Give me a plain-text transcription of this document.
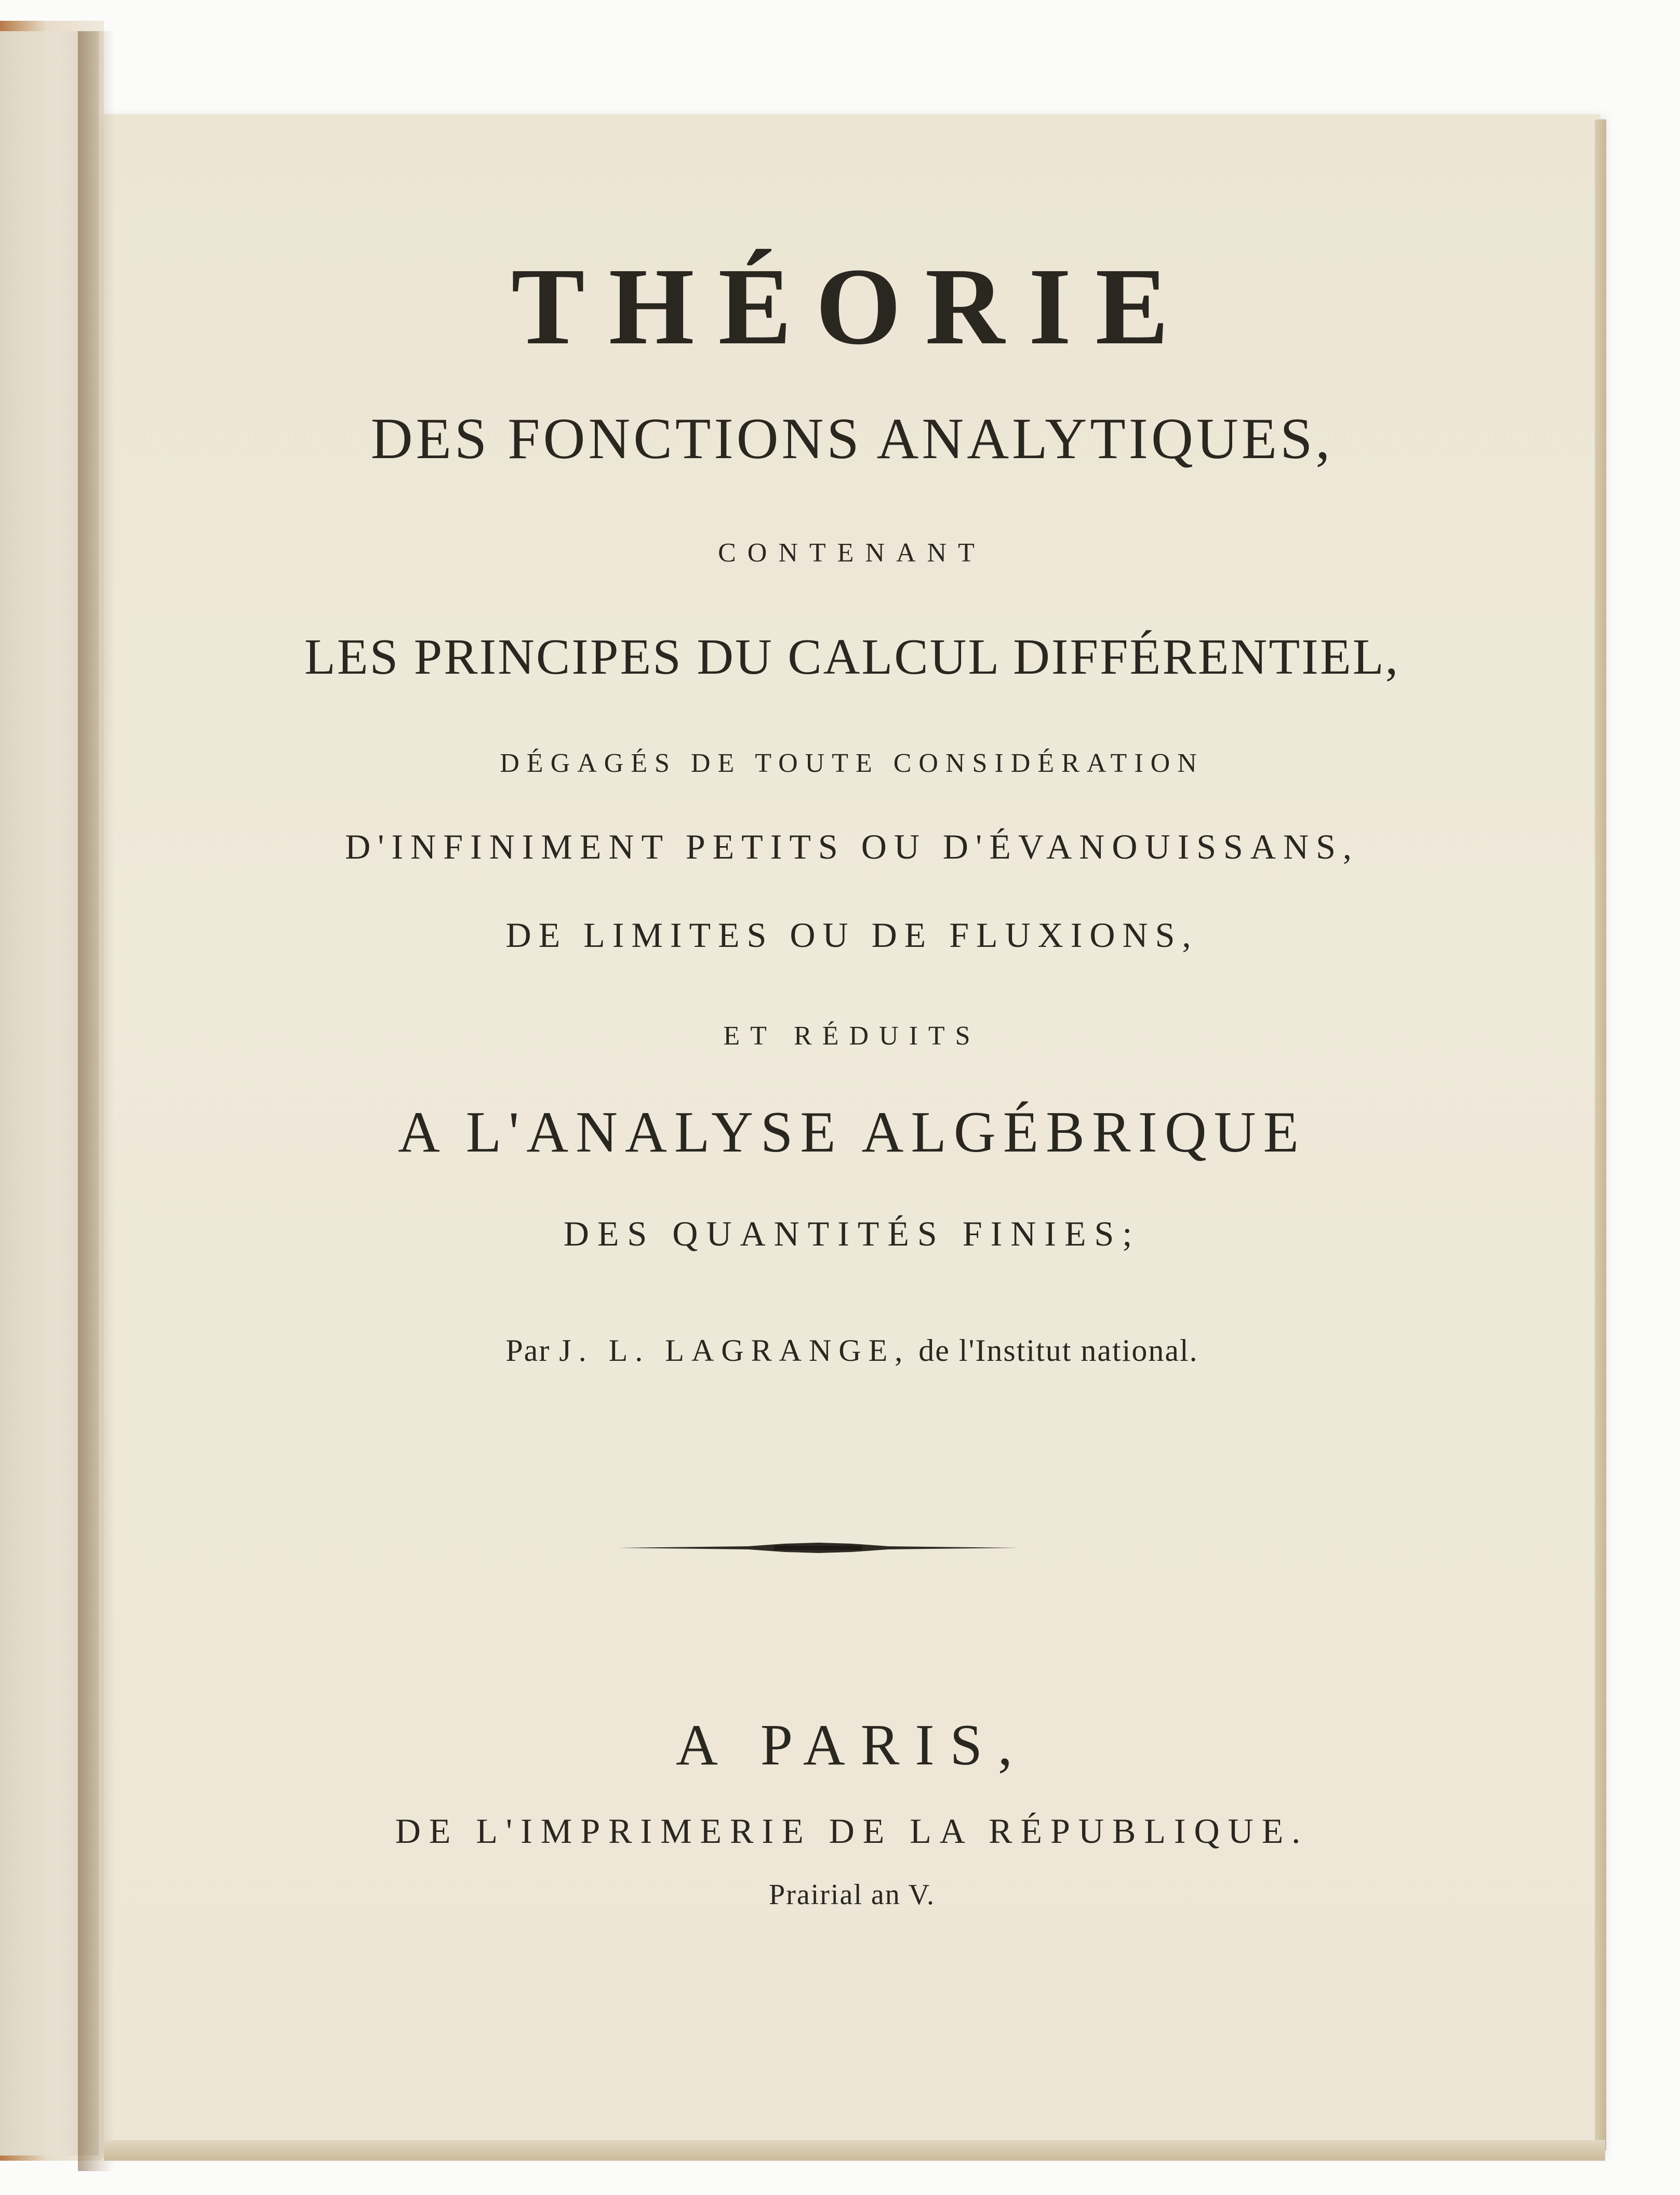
THÉORIE

DES FONCTIONS ANALYTIQUES,

CONTENANT

LES PRINCIPES DU CALCUL DIFFÉRENTIEL,

DÉGAGÉS DE TOUTE CONSIDÉRATION

D'INFINIMENT PETITS OU D'ÉVANOUISSANS,

DE LIMITES OU DE FLUXIONS,

ET RÉDUITS

A L'ANALYSE ALGÉBRIQUE

DES QUANTITÉS FINIES;

Par J. L. LAGRANGE, de l'Institut national.

A PARIS,

DE L'IMPRIMERIE DE LA RÉPUBLIQUE.

Prairial an V.
